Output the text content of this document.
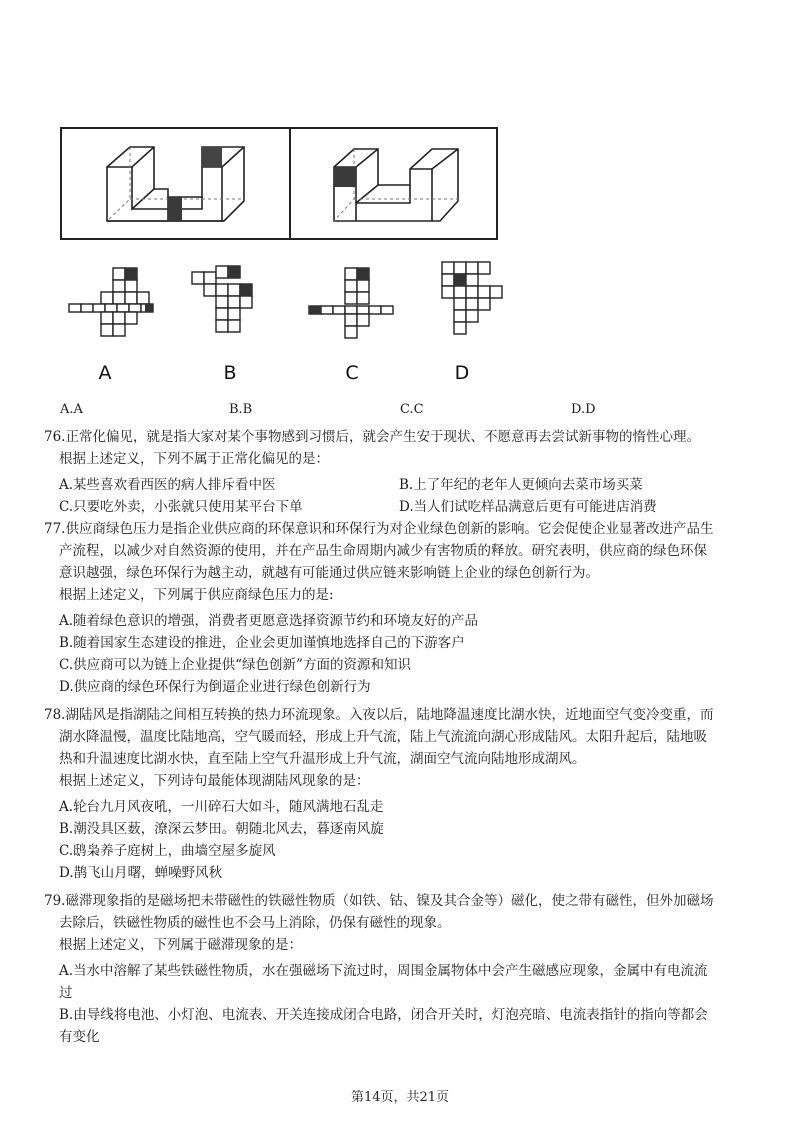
A	B	C	D
A.A	B.B	C.C	D.D

76.正常化偏见，就是指大家对某个事物感到习惯后，就会产生安于现状、不愿意再去尝试新事物的惰性心理。

根据上述定义，下列不属于正常化偏见的是：

A.某些喜欢看西医的病人排斥看中医	B.上了年纪的老年人更倾向去菜市场买菜
C.只要吃外卖，小张就只使用某平台下单	D.当人们试吃样品满意后更有可能进店消费

77.供应商绿色压力是指企业供应商的环保意识和环保行为对企业绿色创新的影响。它会促使企业显著改进产品生

产流程，以减少对自然资源的使用，并在产品生命周期内减少有害物质的释放。研究表明，供应商的绿色环保

意识越强，绿色环保行为越主动，就越有可能通过供应链来影响链上企业的绿色创新行为。

根据上述定义，下列属于供应商绿色压力的是:

A.随着绿色意识的增强，消费者更愿意选择资源节约和环境友好的产品

B.随着国家生态建设的推进，企业会更加谨慎地选择自己的下游客户

C.供应商可以为链上企业提供“绿色创新”方面的资源和知识

D.供应商的绿色环保行为倒逼企业进行绿色创新行为

78.湖陆风是指湖陆之间相互转换的热力环流现象。入夜以后，陆地降温速度比湖水快，近地面空气变冷变重，而

湖水降温慢，温度比陆地高，空气暖而轻，形成上升气流，陆上气流流向湖心形成陆风。太阳升起后，陆地吸

热和升温速度比湖水快，直至陆上空气升温形成上升气流，湖面空气流向陆地形成湖风。

根据上述定义，下列诗句最能体现湖陆风现象的是：

A.轮台九月风夜吼，一川碎石大如斗，随风满地石乱走

B.潮没具区薮，潦深云梦田。朝随北风去，暮逐南风旋

C.鸱枭养子庭树上，曲墙空屋多旋风

D.鹊飞山月曙，蝉噪野风秋

79.磁滞现象指的是磁场把未带磁性的铁磁性物质（如铁、钴、镍及其合金等）磁化，使之带有磁性，但外加磁场

去除后，铁磁性物质的磁性也不会马上消除，仍保有磁性的现象。

根据上述定义，下列属于磁滞现象的是：

A.当水中溶解了某些铁磁性物质，水在强磁场下流过时，周围金属物体中会产生磁感应现象，金属中有电流流

过

B.由导线将电池、小灯泡、电流表、开关连接成闭合电路，闭合开关时，灯泡亮暗、电流表指针的指向等都会

有变化

第14页，共21页
